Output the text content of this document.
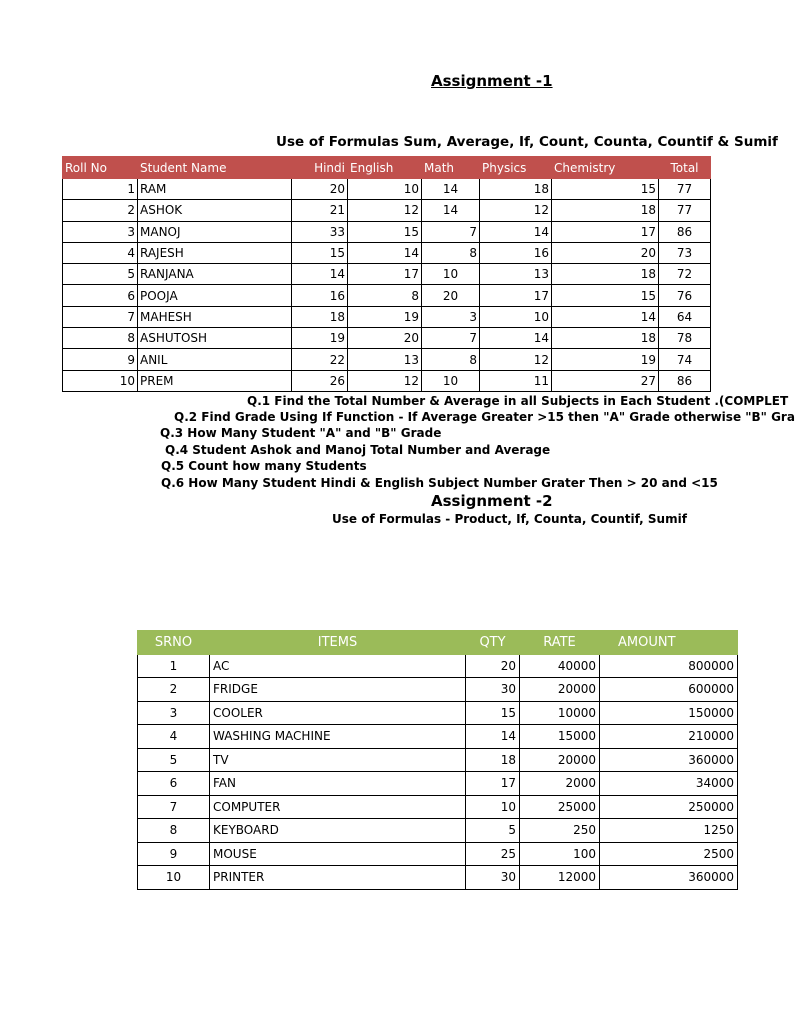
Assignment -1
Use of Formulas Sum, Average, If, Count, Counta, Countif & Sumif
Roll No	Student Name	Hindi	English	Math	Physics	Chemistry	Total
1	RAM	20	10	14	18	15	77
2	ASHOK	21	12	14	12	18	77
3	MANOJ	33	15	7	14	17	86
4	RAJESH	15	14	8	16	20	73
5	RANJANA	14	17	10	13	18	72
6	POOJA	16	8	20	17	15	76
7	MAHESH	18	19	3	10	14	64
8	ASHUTOSH	19	20	7	14	18	78
9	ANIL	22	13	8	12	19	74
10	PREM	26	12	10	11	27	86
Q.1 Find the Total Number & Average in all Subjects in Each Student .(COMPLET
Q.2 Find Grade Using If Function - If Average Greater >15 then "A" Grade otherwise "B" Gra
Q.3 How Many Student "A" and "B" Grade
Q.4 Student Ashok and Manoj Total Number and Average
Q.5 Count how many Students
Q.6 How Many Student Hindi & English Subject Number Grater Then > 20 and <15
Assignment -2
Use of Formulas - Product, If, Counta, Countif, Sumif
SRNO	ITEMS	QTY	RATE	AMOUNT
1	AC	20	40000	800000
2	FRIDGE	30	20000	600000
3	COOLER	15	10000	150000
4	WASHING MACHINE	14	15000	210000
5	TV	18	20000	360000
6	FAN	17	2000	34000
7	COMPUTER	10	25000	250000
8	KEYBOARD	5	250	1250
9	MOUSE	25	100	2500
10	PRINTER	30	12000	360000
